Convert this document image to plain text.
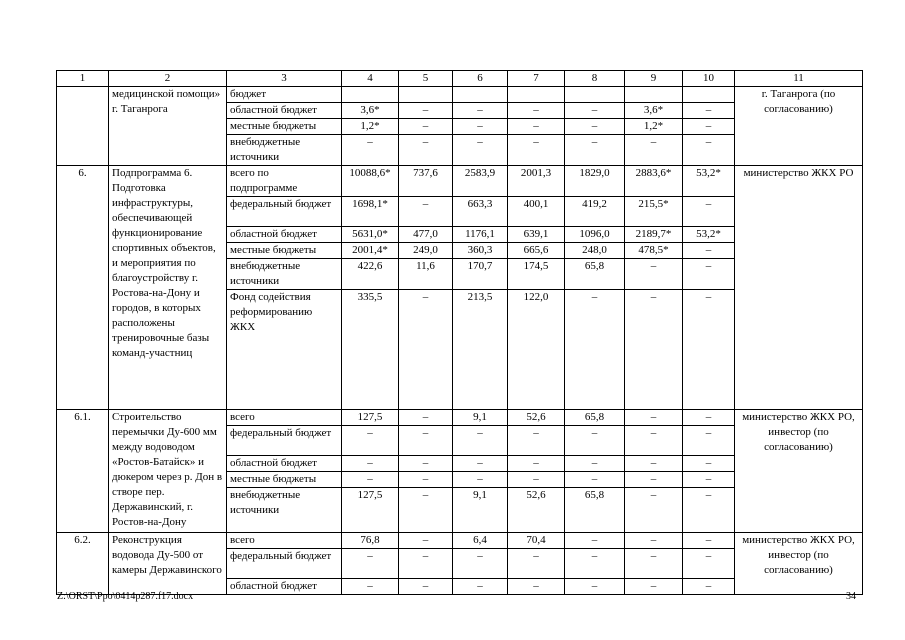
1	2	3	4	5	6	7	8	9	10	11
	медицинской помощи» г. Таганрога	бюджет								г. Таганрога (по согласованию)
		областной бюджет	3,6*	–	–	–	–	3,6*	–	
		местные бюджеты	1,2*	–	–	–	–	1,2*	–	
		внебюджетные источники	–	–	–	–	–	–	–	
6.	Подпрограмма 6. Подготовка инфраструктуры, обеспечивающей функционирование спортивных объектов, и мероприятия по благоустройству г. Ростова-на-Дону и городов, в которых расположены тренировочные базы команд-участниц	всего по подпрограмме	10088,6*	737,6	2583,9	2001,3	1829,0	2883,6*	53,2*	министерство ЖКХ РО
		федеральный бюджет	1698,1*	–	663,3	400,1	419,2	215,5*	–	
		областной бюджет	5631,0*	477,0	1176,1	639,1	1096,0	2189,7*	53,2*	
		местные бюджеты	2001,4*	249,0	360,3	665,6	248,0	478,5*	–	
		внебюджетные источники	422,6	11,6	170,7	174,5	65,8	–	–	
		Фонд содействия реформированию ЖКХ	335,5	–	213,5	122,0	–	–	–	
6.1.	Строительство перемычки Ду-600 мм между водоводом «Ростов-Батайск» и дюкером через р. Дон в створе пер. Державинский, г. Ростов-на-Дону	всего	127,5	–	9,1	52,6	65,8	–	–	министерство ЖКХ РО, инвестор (по согласованию)
		федеральный бюджет	–	–	–	–	–	–	–	
		областной бюджет	–	–	–	–	–	–	–	
		местные бюджеты	–	–	–	–	–	–	–	
		внебюджетные источники	127,5	–	9,1	52,6	65,8	–	–	
6.2.	Реконструкция водовода Ду-500 от камеры Державинского	всего	76,8	–	6,4	70,4	–	–	–	министерство ЖКХ РО, инвестор (по согласованию)
		федеральный бюджет	–	–	–	–	–	–	–	
		областной бюджет	–	–	–	–	–	–	–	
Z:\ORST\Ppo\0414p287.f17.docx	34
